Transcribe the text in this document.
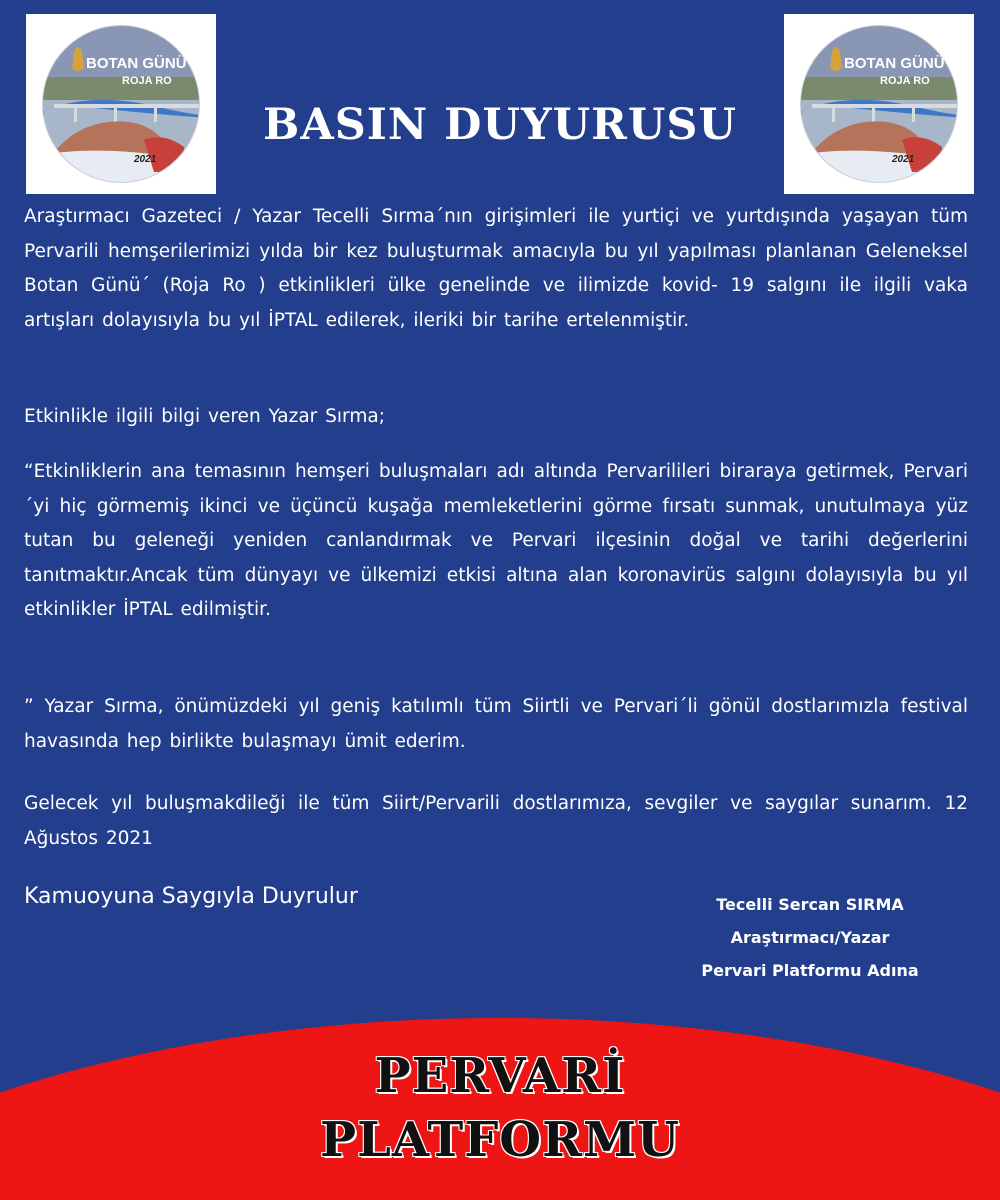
BOTAN GÜNÜ
ROJA RO
2021
BOTAN GÜNÜ
ROJA RO
2021
BASIN DUYURUSU

Araştırmacı Gazeteci / Yazar Tecelli Sırma´nın girişimleri ile yurtiçi ve yurtdışında yaşayan tüm Pervarili hemşerilerimizi yılda bir kez buluşturmak amacıyla bu yıl yapılması planlanan Geleneksel Botan Günü´ (Roja Ro ) etkinlikleri ülke genelinde ve ilimizde kovid- 19 salgını ile ilgili vaka artışları dolayısıyla bu yıl İPTAL edilerek, ileriki bir tarihe ertelenmiştir.

Etkinlikle ilgili bilgi veren Yazar Sırma;

“Etkinliklerin ana temasının hemşeri buluşmaları adı altında Pervarilileri biraraya getirmek, Pervari´yi hiç görmemiş ikinci ve üçüncü kuşağa memleketlerini görme fırsatı sunmak, unutulmaya yüz tutan bu geleneği yeniden canlandırmak ve Pervari ilçesinin doğal ve tarihi değerlerini tanıtmaktır.Ancak tüm dünyayı ve ülkemizi etkisi altına alan koronavirüs salgını dolayısıyla bu yıl etkinlikler İPTAL edilmiştir.

” Yazar Sırma, önümüzdeki yıl geniş katılımlı tüm Siirtli ve Pervari´li gönül dostlarımızla festival havasında hep birlikte bulaşmayı ümit ederim.

Gelecek yıl buluşmakdileği ile tüm Siirt/Pervarili dostlarımıza, sevgiler ve saygılar sunarım. 12 Ağustos 2021

Kamuoyuna Saygıyla Duyrulur	Tecelli Sercan SIRMA
Araştırmacı/Yazar
Pervari Platformu Adına
PERVARİ
PLATFORMU
